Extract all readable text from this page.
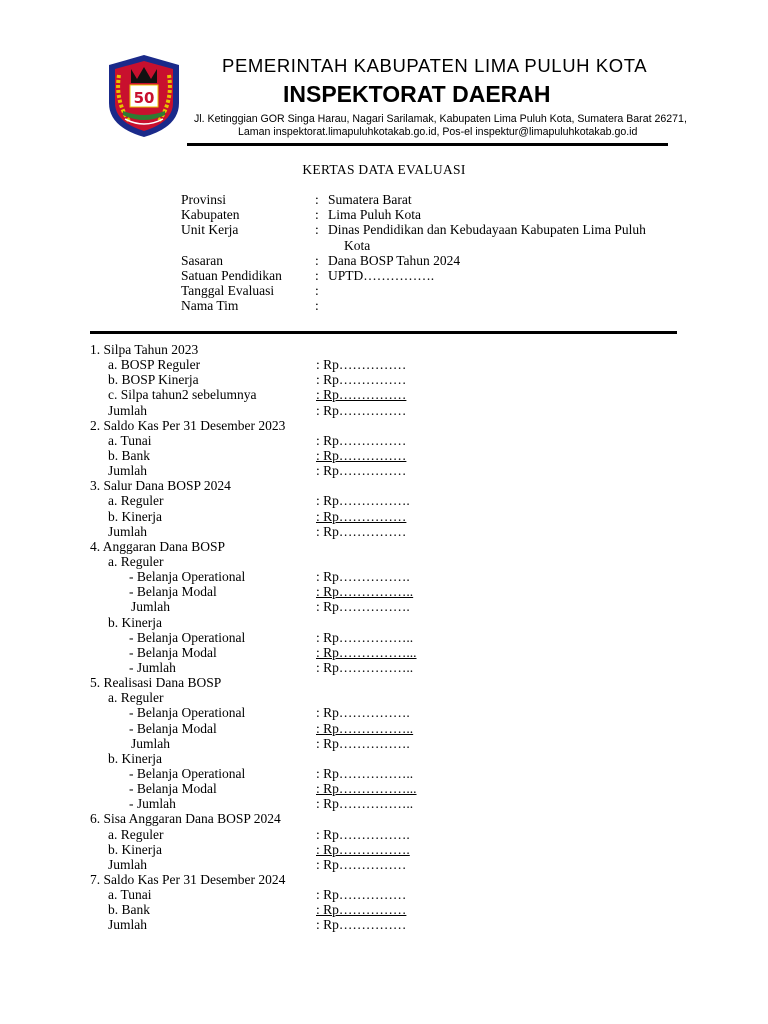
50
PEMERINTAH KABUPATEN LIMA PULUH KOTA
INSPEKTORAT DAERAH
Jl. Ketinggian GOR Singa Harau, Nagari Sarilamak, Kabupaten Lima Puluh Kota, Sumatera Barat 26271,
Laman inspektorat.limapuluhkotakab.go.id, Pos-el inspektur@limapuluhkotakab.go.id
KERTAS DATA EVALUASI
Provinsi	: Sumatera Barat
Kabupaten	: Lima Puluh Kota
Unit Kerja	: Dinas Pendidikan dan Kebudayaan Kabupaten Lima Puluh
Kota
Sasaran	: Dana BOSP Tahun 2024
Satuan Pendidikan : UPTD…………….
Tanggal Evaluasi	:
Nama Tim	:
1. Silpa Tahun 2023
a. BOSP Reguler	: Rp……………
b. BOSP Kinerja	: Rp……………
c. Silpa tahun2 sebelumnya	: Rp……………
Jumlah	: Rp……………
2. Saldo Kas Per 31 Desember 2023
a. Tunai	: Rp……………
b. Bank	: Rp……………
Jumlah	: Rp……………
3. Salur Dana BOSP 2024
a. Reguler	: Rp…………….
b. Kinerja	: Rp……………
Jumlah	: Rp……………
4. Anggaran Dana BOSP
a. Reguler
- Belanja Operational	: Rp…………….
- Belanja Modal	: Rp……………..
Jumlah	: Rp…………….
b. Kinerja
- Belanja Operational	: Rp……………..
- Belanja Modal	: Rp……………...
- Jumlah	: Rp……………..
5. Realisasi Dana BOSP
a. Reguler
- Belanja Operational	: Rp…………….
- Belanja Modal	: Rp……………..
Jumlah	: Rp…………….
b. Kinerja
- Belanja Operational	: Rp……………..
- Belanja Modal	: Rp……………...
- Jumlah	: Rp……………..
6. Sisa Anggaran Dana BOSP 2024
a. Reguler	: Rp…………….
b. Kinerja	: Rp…………….
Jumlah	: Rp……………
7. Saldo Kas Per 31 Desember 2024
a. Tunai	: Rp……………
b. Bank	: Rp……………
Jumlah	: Rp……………
